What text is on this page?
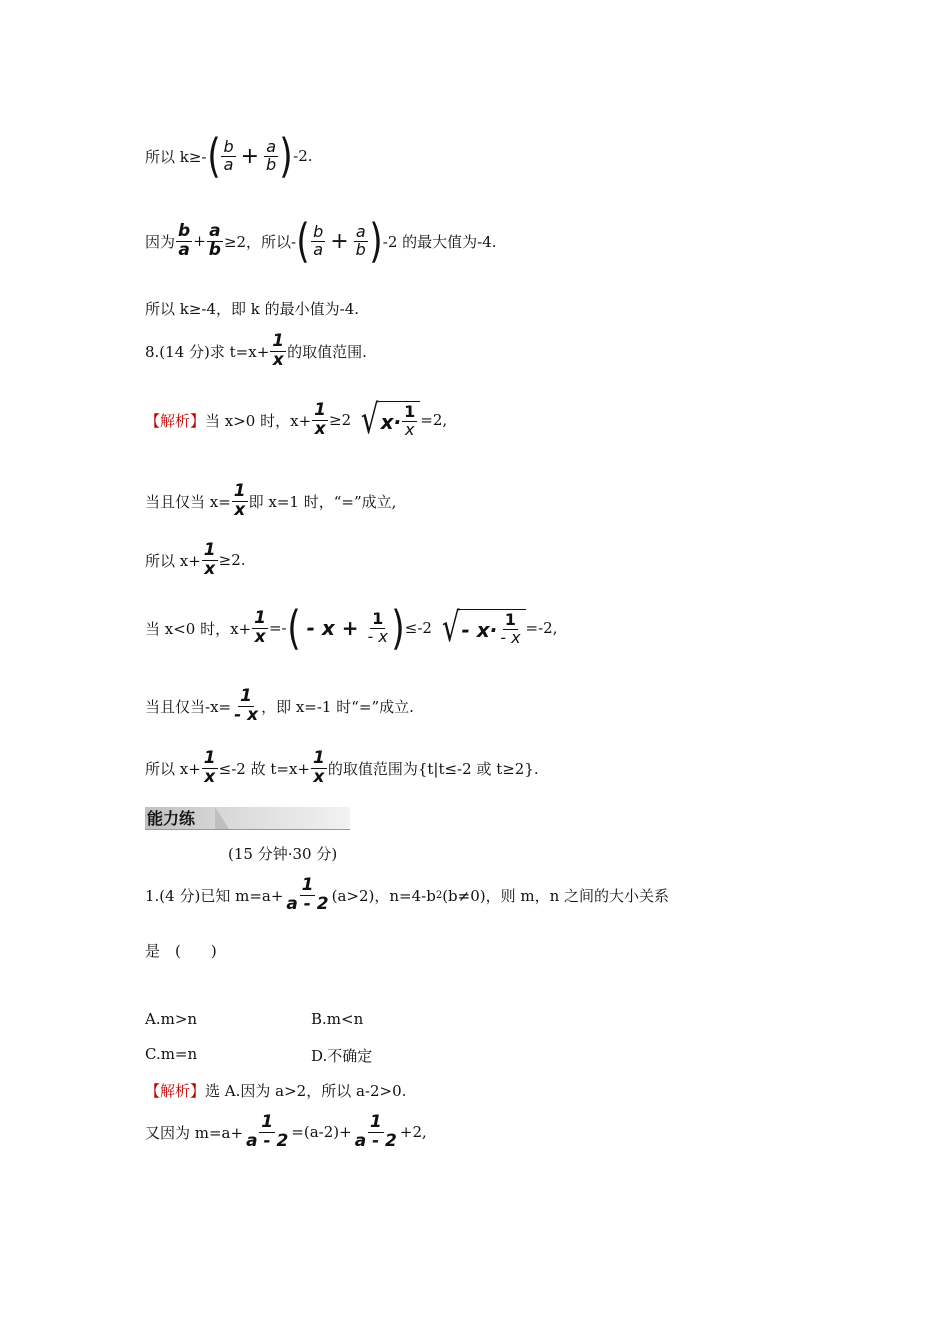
所以 k≥- ( $\frac{b}{a} + \frac{a}{b}$ ) -2.
因为 $\frac{b}{a} + \frac{a}{b} \ge 2$，所以- ( $\frac{b}{a} + \frac{a}{b}$ ) -2 的最大值为-4.
所以 k≥-4，即 k 的最小值为-4.
8.(14 分)求 $t=x+ \frac{1}{x}$ 的取值范围.
【解析】 当 x>0 时，$x+ \frac{1}{x} \ge 2$ √ $x\cdot \frac{1}{x} =2$,
当且仅当 $x= \frac{1}{x}$ 即 x=1 时，“=”成立,
所以 $x+ \frac{1}{x} \ge 2$.
当 x<0 时，$x+ \frac{1}{x}$ =- ( - $x + \frac{1}{- x}$ ) ≤-2 √ - $x\cdot \frac{1}{- x} =-2$,
当且仅当$-x= \frac{1}{- x}$ ，即 x=-1 时“=”成立.
所以 $x+ \frac{1}{x} \le-2$ 故 $t=x+ \frac{1}{x}$ 的取值范围为{t|t≤-2 或 t≥2}.
能力练
(15 分钟·30 分)
1.(4 分)已知 $m=a+ \frac{1}{a - 2} (a>2)$，n=4-b 2 (b≠0)，则 m，n 之间的大小关系
是　(　　)
A.m>n	B.m<n
C.m=n	D.不确定
【解析】 选 A.因为 a>2，所以 a-2>0.
又因为 $m=a+ \frac{1}{a - 2} =(a-2)+ \frac{1}{a - 2} +2$,
